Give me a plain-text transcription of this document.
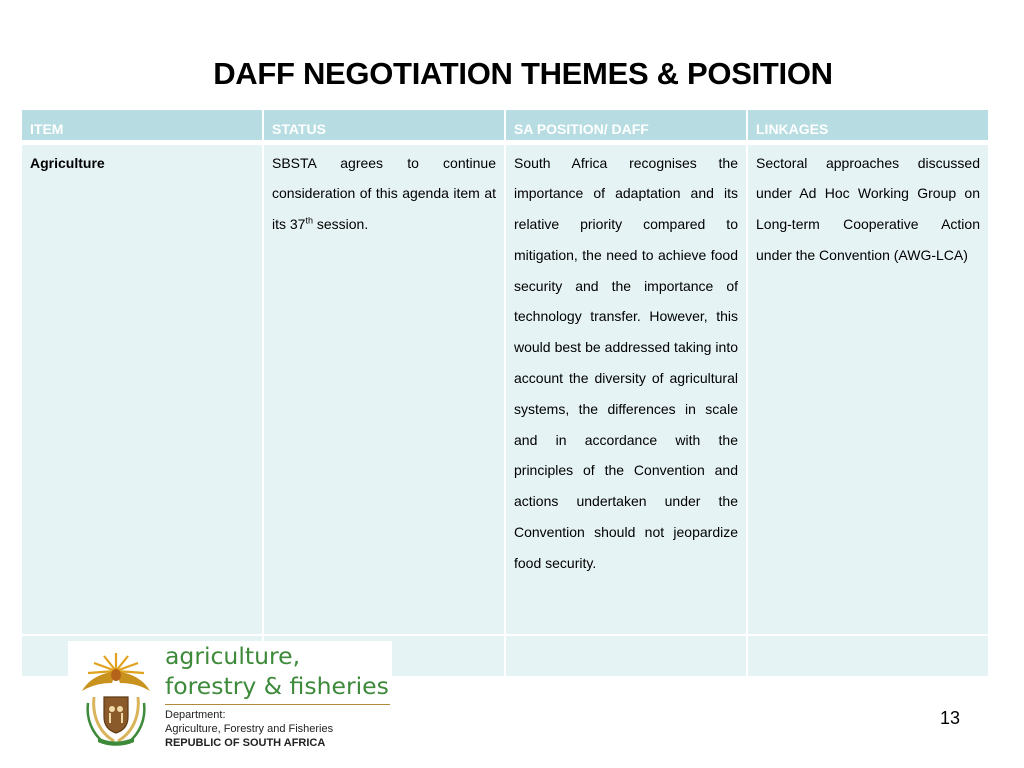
DAFF NEGOTIATION THEMES & POSITION
ITEM	STATUS	SA POSITION/ DAFF	LINKAGES
Agriculture	SBSTA agrees to continue consideration of this agenda item at its 37th session.	South Africa recognises the importance of adaptation and its relative priority compared to mitigation, the need to achieve food security and the importance of technology transfer. However, this would best be addressed taking into account the diversity of agricultural systems, the differences in scale and in accordance with the principles of the Convention and actions undertaken under the Convention should not jeopardize food security.	Sectoral approaches discussed under Ad Hoc Working Group on Long-term Cooperative Action under the Convention (AWG-LCA)

agriculture,
forestry & fisheries
Department:
Agriculture, Forestry and Fisheries
REPUBLIC OF SOUTH AFRICA
13
